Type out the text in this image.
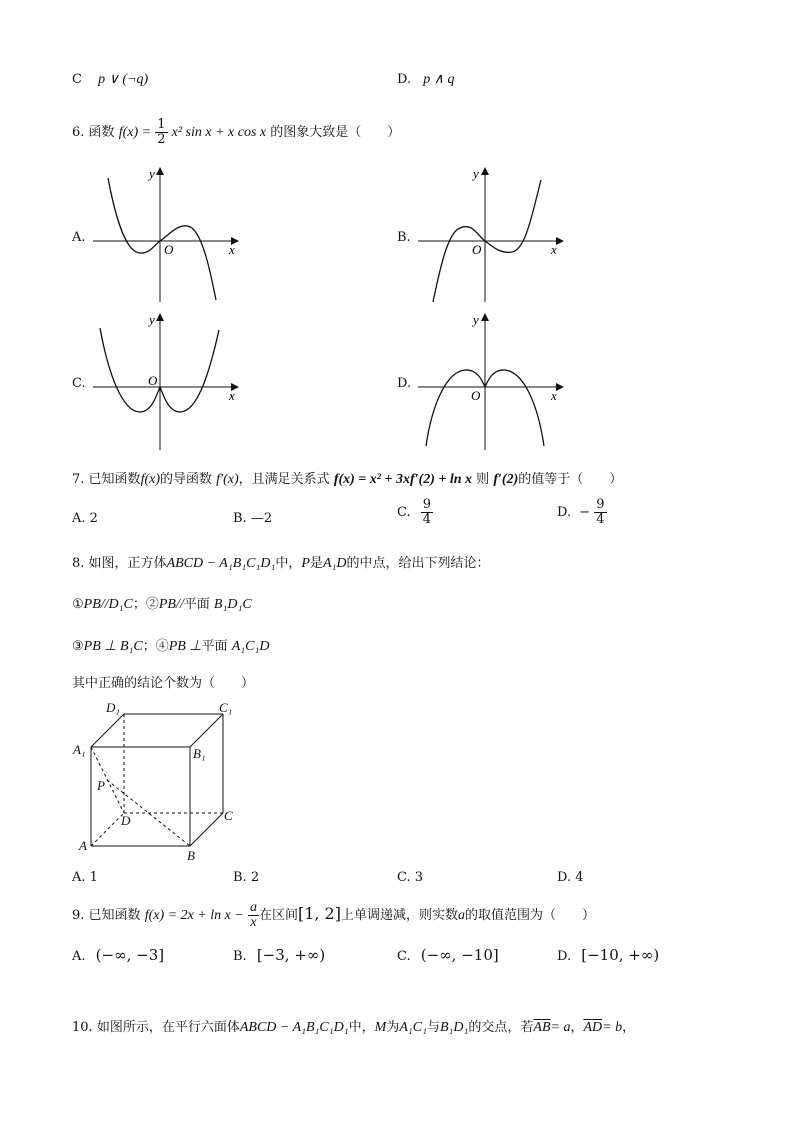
C p ∨ (¬q)	D. p ∧ q
6. 函数 $f(x) = \frac{1}{2} x^2$ sin x + x cos x 的图象大致是（　　）
A.	B.
C.	D.
y
x
O
y
x
O
y
x
O
y
x
O
7. 已知函数f(x)的导函数 f′(x)，且满足关系式 f(x) = x² + 3xf′(2) + ln x 则 f′(2)的值等于（　　）
A. 2	B. —2	C. $\frac{9}{4}$	D. − $\frac{9}{4}$
8. 如图，正方体ABCD − A₁B₁C₁D₁中，P是A₁D的中点，给出下列结论：
①PB//D₁C；②PB//平面 B₁D₁C
③PB ⊥ B₁C；④PB ⊥平面 A₁C₁D
其中正确的结论个数为（　　）
D₁	C₁
A₁	B₁
P
D	C
A
B
A. 1	B. 2	C. 3	D. 4
9. 已知函数 $f(x) = 2x + \ln x - \frac{a}{x}$ 在区间[1, 2]上单调递减，则实数a的取值范围为（　　）
A. (−∞, −3]	B. [−3, +∞)	C. (−∞, −10]	D. [−10, +∞)
10. 如图所示，在平行六面体ABCD − A₁B₁C₁D₁中，M为A₁C₁与B₁D₁的交点，若$\overline{AB}= a$，$\overline{AD}= b$，
